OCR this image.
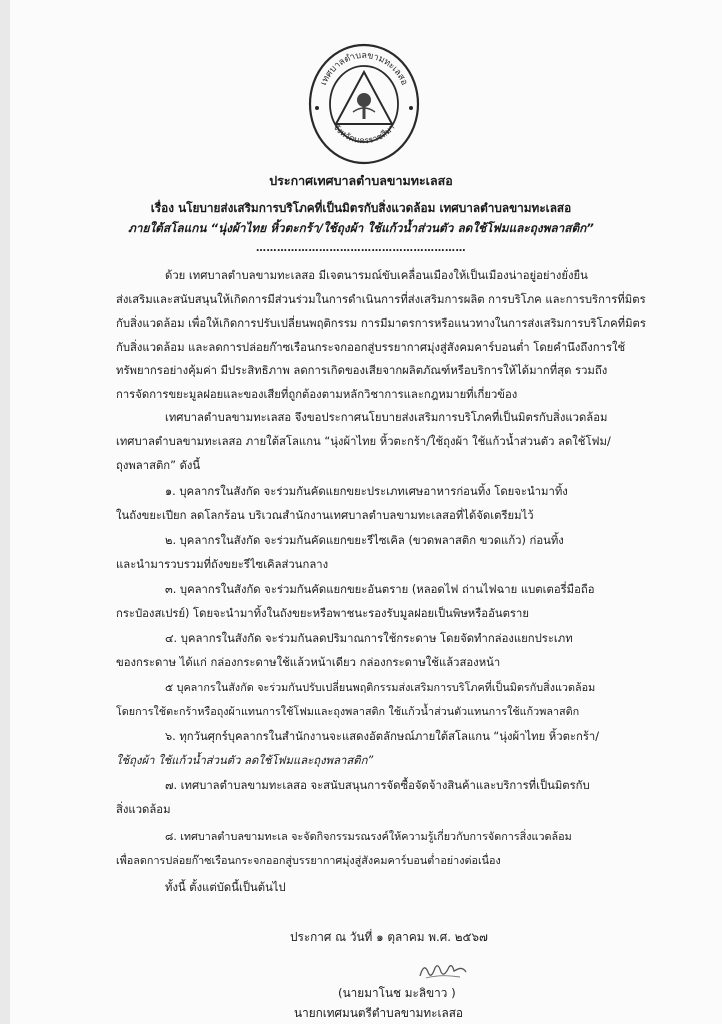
เทศบาลตำบลขามทะเลสอ
จังหวัดนครราชสีมา
ประกาศเทศบาลตำบลขามทะเลสอ
เรื่อง นโยบายส่งเสริมการบริโภคที่เป็นมิตรกับสิ่งแวดล้อม เทศบาลตำบลขามทะเลสอ
ภายใต้สโลแกน “นุ่งผ้าไทย หิ้วตะกร้า/ใช้ถุงผ้า ใช้แก้วน้ำส่วนตัว ลดใช้โฟมและถุงพลาสติก”
……………………………………………………
ด้วย เทศบาลตำบลขามทะเลสอ มีเจตนารมณ์ขับเคลื่อนเมืองให้เป็นเมืองน่าอยู่อย่างยั่งยืน
ส่งเสริมและสนับสนุนให้เกิดการมีส่วนร่วมในการดำเนินการที่ส่งเสริมการผลิต การบริโภค และการบริการที่มิตร
กับสิ่งแวดล้อม เพื่อให้เกิดการปรับเปลี่ยนพฤติกรรม การมีมาตรการหรือแนวทางในการส่งเสริมการบริโภคที่มิตร
กับสิ่งแวดล้อม และลดการปล่อยก๊าซเรือนกระจกออกสู่บรรยากาศมุ่งสู่สังคมคาร์บอนต่ำ โดยคำนึงถึงการใช้
ทรัพยากรอย่างคุ้มค่า มีประสิทธิภาพ ลดการเกิดของเสียจากผลิตภัณฑ์หรือบริการให้ได้มากที่สุด รวมถึง
การจัดการขยะมูลฝอยและของเสียที่ถูกต้องตามหลักวิชาการและกฎหมายที่เกี่ยวข้อง
เทศบาลตำบลขามทะเลสอ จึงขอประกาศนโยบายส่งเสริมการบริโภคที่เป็นมิตรกับสิ่งแวดล้อม
เทศบาลตำบลขามทะเลสอ ภายใต้สโลแกน “นุ่งผ้าไทย หิ้วตะกร้า/ใช้ถุงผ้า ใช้แก้วน้ำส่วนตัว ลดใช้โฟม/
ถุงพลาสติก” ดังนี้
๑. บุคลากรในสังกัด จะร่วมกันคัดแยกขยะประเภทเศษอาหารก่อนทิ้ง โดยจะนำมาทิ้ง
ในถังขยะเปียก ลดโลกร้อน บริเวณสำนักงานเทศบาลตำบลขามทะเลสอที่ได้จัดเตรียมไว้
๒. บุคลากรในสังกัด จะร่วมกันคัดแยกขยะรีไซเคิล (ขวดพลาสติก ขวดแก้ว) ก่อนทิ้ง
และนำมารวบรวมที่ถังขยะรีไซเคิลส่วนกลาง
๓. บุคลากรในสังกัด จะร่วมกันคัดแยกขยะอันตราย (หลอดไฟ ถ่านไฟฉาย แบตเตอรี่มือถือ
กระป๋องสเปรย์) โดยจะนำมาทิ้งในถังขยะหรือพาชนะรองรับมูลฝอยเป็นพิษหรืออันตราย
๔. บุคลากรในสังกัด จะร่วมกันลดปริมาณการใช้กระดาษ โดยจัดทำกล่องแยกประเภท
ของกระดาษ ได้แก่ กล่องกระดาษใช้แล้วหน้าเดียว กล่องกระดาษใช้แล้วสองหน้า
๕ บุคลากรในสังกัด จะร่วมกันปรับเปลี่ยนพฤติกรรมส่งเสริมการบริโภคที่เป็นมิตรกับสิ่งแวดล้อม
โดยการใช้ตะกร้าหรือถุงผ้าแทนการใช้โฟมและถุงพลาสติก ใช้แก้วน้ำส่วนตัวแทนการใช้แก้วพลาสติก
๖. ทุกวันศุกร์บุคลากรในสำนักงานจะแสดงอัตลักษณ์ภายใต้สโลแกน “นุ่งผ้าไทย หิ้วตะกร้า/
ใช้ถุงผ้า ใช้แก้วน้ำส่วนตัว ลดใช้โฟมและถุงพลาสติก”
๗. เทศบาลตำบลขามทะเลสอ จะสนับสนุนการจัดซื้อจัดจ้างสินค้าและบริการที่เป็นมิตรกับ
สิ่งแวดล้อม
๘. เทศบาลตำบลขามทะเล จะจัดกิจกรรมรณรงค์ให้ความรู้เกี่ยวกับการจัดการสิ่งแวดล้อม
เพื่อลดการปล่อยก๊าซเรือนกระจกออกสู่บรรยากาศมุ่งสู่สังคมคาร์บอนต่ำอย่างต่อเนื่อง
ทั้งนี้ ตั้งแต่บัดนี้เป็นต้นไป
ประกาศ ณ วันที่ ๑ ตุลาคม พ.ศ. ๒๕๖๗
(นายมาโนช มะลิขาว )
นายกเทศมนตรีตำบลขามทะเลสอ
